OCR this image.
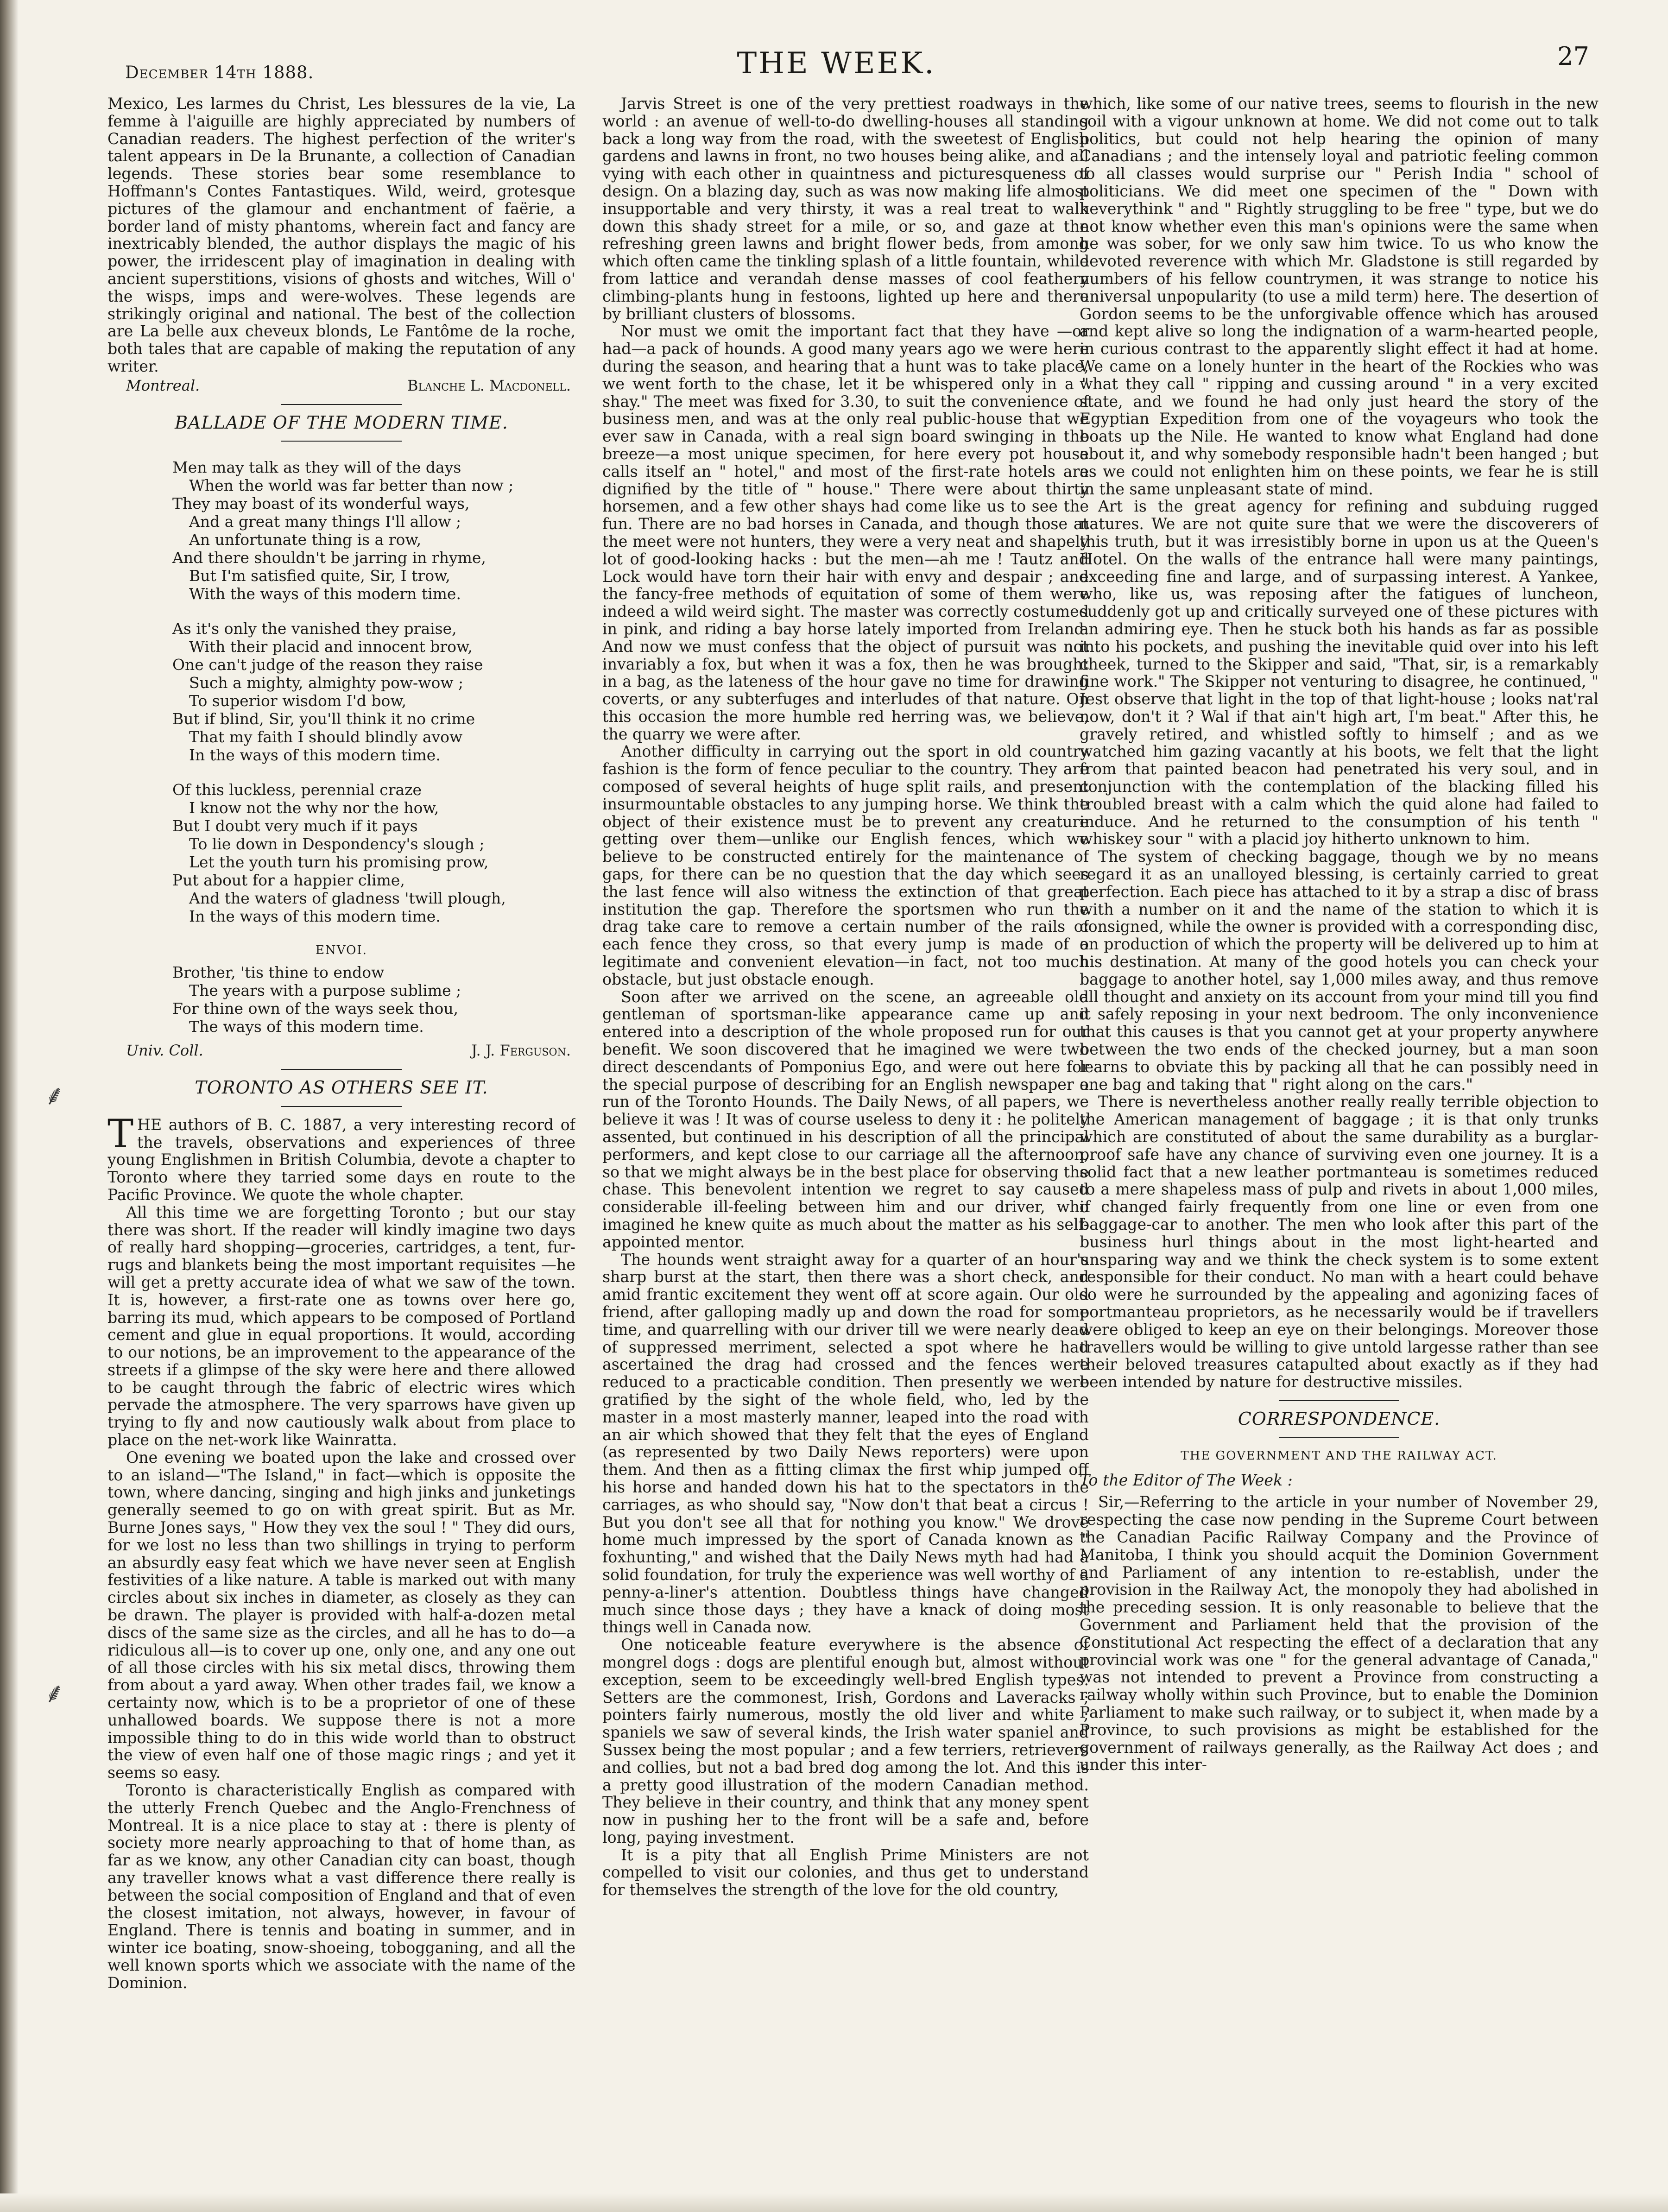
December 14th 1888.	THE WEEK.	27

Mexico, Les larmes du Christ, Les blessures de la vie, La femme à l'aiguille are highly appreciated by numbers of Canadian readers. The highest perfection of the writer's talent appears in De la Brunante, a collection of Canadian legends. These stories bear some resemblance to Hoffmann's Contes Fantastiques. Wild, weird, grotesque pictures of the glamour and enchantment of faërie, a border land of misty phantoms, wherein fact and fancy are inextricably blended, the author displays the magic of his power, the irridescent play of imagination in dealing with ancient superstitions, visions of ghosts and witches, Will o' the wisps, imps and were-wolves. These legends are strikingly original and national. The best of the collection are La belle aux cheveux blonds, Le Fantôme de la roche, both tales that are capable of making the reputation of any writer.

Montreal.	Blanche L. Macdonell.
BALLADE OF THE MODERN TIME.
Men may talk as they will of the days
When the world was far better than now ;
They may boast of its wonderful ways,
And a great many things I'll allow ;
An unfortunate thing is a row,
And there shouldn't be jarring in rhyme,
But I'm satisfied quite, Sir, I trow,
With the ways of this modern time.
As it's only the vanished they praise,
With their placid and innocent brow,
One can't judge of the reason they raise
Such a mighty, almighty pow-wow ;
To superior wisdom I'd bow,
But if blind, Sir, you'll think it no crime
That my faith I should blindly avow
In the ways of this modern time.
Of this luckless, perennial craze
I know not the why nor the how,
But I doubt very much if it pays
To lie down in Despondency's slough ;
Let the youth turn his promising prow,
Put about for a happier clime,
And the waters of gladness 'twill plough,
In the ways of this modern time.
ENVOI.
Brother, 'tis thine to endow
The years with a purpose sublime ;
For thine own of the ways seek thou,
The ways of this modern time.
Univ. Coll.	J. J. Ferguson.
TORONTO AS OTHERS SEE IT.

THE authors of B. C. 1887, a very interesting record of the travels, observations and experiences of three young Englishmen in British Columbia, devote a chapter to Toronto where they tarried some days en route to the Pacific Province. We quote the whole chapter.

All this time we are forgetting Toronto ; but our stay there was short. If the reader will kindly imagine two days of really hard shopping—groceries, cartridges, a tent, fur-rugs and blankets being the most important requisites —he will get a pretty accurate idea of what we saw of the town. It is, however, a first-rate one as towns over here go, barring its mud, which appears to be composed of Portland cement and glue in equal proportions. It would, according to our notions, be an improvement to the appearance of the streets if a glimpse of the sky were here and there allowed to be caught through the fabric of electric wires which pervade the atmosphere. The very sparrows have given up trying to fly and now cautiously walk about from place to place on the net-work like Wainratta.

One evening we boated upon the lake and crossed over to an island—"The Island," in fact—which is opposite the town, where dancing, singing and high jinks and junketings generally seemed to go on with great spirit. But as Mr. Burne Jones says, " How they vex the soul ! " They did ours, for we lost no less than two shillings in trying to perform an absurdly easy feat which we have never seen at English festivities of a like nature. A table is marked out with many circles about six inches in diameter, as closely as they can be drawn. The player is provided with half-a-dozen metal discs of the same size as the circles, and all he has to do—a ridiculous all—is to cover up one, only one, and any one out of all those circles with his six metal discs, throwing them from about a yard away. When other trades fail, we know a certainty now, which is to be a proprietor of one of these unhallowed boards. We suppose there is not a more impossible thing to do in this wide world than to obstruct the view of even half one of those magic rings ; and yet it seems so easy.

Toronto is characteristically English as compared with the utterly French Quebec and the Anglo-Frenchness of Montreal. It is a nice place to stay at : there is plenty of society more nearly approaching to that of home than, as far as we know, any other Canadian city can boast, though any traveller knows what a vast difference there really is between the social composition of England and that of even the closest imitation, not always, however, in favour of England. There is tennis and boating in summer, and in winter ice boating, snow-shoeing, tobogganing, and all the well known sports which we associate with the name of the Dominion.

Jarvis Street is one of the very prettiest roadways in the world : an avenue of well-to-do dwelling-houses all standing back a long way from the road, with the sweetest of English gardens and lawns in front, no two houses being alike, and all vying with each other in quaintness and picturesqueness of design. On a blazing day, such as was now making life almost insupportable and very thirsty, it was a real treat to walk down this shady street for a mile, or so, and gaze at the refreshing green lawns and bright flower beds, from among which often came the tinkling splash of a little fountain, while from lattice and verandah dense masses of cool feathery climbing-plants hung in festoons, lighted up here and there by brilliant clusters of blossoms.

Nor must we omit the important fact that they have —or had—a pack of hounds. A good many years ago we were here during the season, and hearing that a hunt was to take place, we went forth to the chase, let it be whispered only in a " shay." The meet was fixed for 3.30, to suit the convenience of business men, and was at the only real public-house that we ever saw in Canada, with a real sign board swinging in the breeze—a most unique specimen, for here every pot house calls itself an " hotel," and most of the first-rate hotels are dignified by the title of " house." There were about thirty horsemen, and a few other shays had come like us to see the fun. There are no bad horses in Canada, and though those at the meet were not hunters, they were a very neat and shapely lot of good-looking hacks : but the men—ah me ! Tautz and Lock would have torn their hair with envy and despair ; and the fancy-free methods of equitation of some of them were indeed a wild weird sight. The master was correctly costumed in pink, and riding a bay horse lately imported from Ireland. And now we must confess that the object of pursuit was not invariably a fox, but when it was a fox, then he was brought in a bag, as the lateness of the hour gave no time for drawing coverts, or any subterfuges and interludes of that nature. On this occasion the more humble red herring was, we believe, the quarry we were after.

Another difficulty in carrying out the sport in old country fashion is the form of fence peculiar to the country. They are composed of several heights of huge split rails, and present insurmountable obstacles to any jumping horse. We think the object of their existence must be to prevent any creature getting over them—unlike our English fences, which we believe to be constructed entirely for the maintenance of gaps, for there can be no question that the day which sees the last fence will also witness the extinction of that great institution the gap. Therefore the sportsmen who run the drag take care to remove a certain number of the rails of each fence they cross, so that every jump is made of a legitimate and convenient elevation—in fact, not too much obstacle, but just obstacle enough.

Soon after we arrived on the scene, an agreeable old gentleman of sportsman-like appearance came up and entered into a description of the whole proposed run for our benefit. We soon discovered that he imagined we were two direct descendants of Pomponius Ego, and were out here for the special purpose of describing for an English newspaper a run of the Toronto Hounds. The Daily News, of all papers, we believe it was ! It was of course useless to deny it : he politely assented, but continued in his description of all the principal performers, and kept close to our carriage all the afternoon, so that we might always be in the best place for observing the chase. This benevolent intention we regret to say caused considerable ill-feeling between him and our driver, who imagined he knew quite as much about the matter as his self-appointed mentor.

The hounds went straight away for a quarter of an hour's sharp burst at the start, then there was a short check, and amid frantic excitement they went off at score again. Our old friend, after galloping madly up and down the road for some time, and quarrelling with our driver till we were nearly dead of suppressed merriment, selected a spot where he had ascertained the drag had crossed and the fences were reduced to a practicable condition. Then presently we were gratified by the sight of the whole field, who, led by the master in a most masterly manner, leaped into the road with an air which showed that they felt that the eyes of England (as represented by two Daily News reporters) were upon them. And then as a fitting climax the first whip jumped off his horse and handed down his hat to the spectators in the carriages, as who should say, "Now don't that beat a circus ! But you don't see all that for nothing you know." We drove home much impressed by the sport of Canada known as " foxhunting," and wished that the Daily News myth had had a solid foundation, for truly the experience was well worthy of a penny-a-liner's attention. Doubtless things have changed much since those days ; they have a knack of doing most things well in Canada now.

One noticeable feature everywhere is the absence of mongrel dogs : dogs are plentiful enough but, almost without exception, seem to be exceedingly well-bred English types. Setters are the commonest, Irish, Gordons and Laveracks ; pointers fairly numerous, mostly the old liver and white ; spaniels we saw of several kinds, the Irish water spaniel and Sussex being the most popular ; and a few terriers, retrievers and collies, but not a bad bred dog among the lot. And this is a pretty good illustration of the modern Canadian method. They believe in their country, and think that any money spent now in pushing her to the front will be a safe and, before long, paying investment.

It is a pity that all English Prime Ministers are not compelled to visit our colonies, and thus get to understand for themselves the strength of the love for the old country,

which, like some of our native trees, seems to flourish in the new soil with a vigour unknown at home. We did not come out to talk politics, but could not help hearing the opinion of many Canadians ; and the intensely loyal and patriotic feeling common to all classes would surprise our " Perish India " school of politicians. We did meet one specimen of the " Down with heverythink " and " Rightly struggling to be free " type, but we do not know whether even this man's opinions were the same when he was sober, for we only saw him twice. To us who know the devoted reverence with which Mr. Gladstone is still regarded by numbers of his fellow countrymen, it was strange to notice his universal unpopularity (to use a mild term) here. The desertion of Gordon seems to be the unforgivable offence which has aroused and kept alive so long the indignation of a warm-hearted people, in curious contrast to the apparently slight effect it had at home. We came on a lonely hunter in the heart of the Rockies who was what they call " ripping and cussing around " in a very excited state, and we found he had only just heard the story of the Egyptian Expedition from one of the voyageurs who took the boats up the Nile. He wanted to know what England had done about it, and why somebody responsible hadn't been hanged ; but as we could not enlighten him on these points, we fear he is still in the same unpleasant state of mind.

Art is the great agency for refining and subduing rugged natures. We are not quite sure that we were the discoverers of this truth, but it was irresistibly borne in upon us at the Queen's Hotel. On the walls of the entrance hall were many paintings, exceeding fine and large, and of surpassing interest. A Yankee, who, like us, was reposing after the fatigues of luncheon, suddenly got up and critically surveyed one of these pictures with an admiring eye. Then he stuck both his hands as far as possible into his pockets, and pushing the inevitable quid over into his left cheek, turned to the Skipper and said, "That, sir, is a remarkably fine work." The Skipper not venturing to disagree, he continued, " Jest observe that light in the top of that light-house ; looks nat'ral now, don't it ? Wal if that ain't high art, I'm beat." After this, he gravely retired, and whistled softly to himself ; and as we watched him gazing vacantly at his boots, we felt that the light from that painted beacon had penetrated his very soul, and in conjunction with the contemplation of the blacking filled his troubled breast with a calm which the quid alone had failed to induce. And he returned to the consumption of his tenth " whiskey sour " with a placid joy hitherto unknown to him.

The system of checking baggage, though we by no means regard it as an unalloyed blessing, is certainly carried to great perfection. Each piece has attached to it by a strap a disc of brass with a number on it and the name of the station to which it is consigned, while the owner is provided with a corresponding disc, on production of which the property will be delivered up to him at his destination. At many of the good hotels you can check your baggage to another hotel, say 1,000 miles away, and thus remove all thought and anxiety on its account from your mind till you find it safely reposing in your next bedroom. The only inconvenience that this causes is that you cannot get at your property anywhere between the two ends of the checked journey, but a man soon learns to obviate this by packing all that he can possibly need in one bag and taking that " right along on the cars."

There is nevertheless another really really terrible objection to the American management of baggage ; it is that only trunks which are constituted of about the same durability as a burglar-proof safe have any chance of surviving even one journey. It is a solid fact that a new leather portmanteau is sometimes reduced to a mere shapeless mass of pulp and rivets in about 1,000 miles, if changed fairly frequently from one line or even from one baggage-car to another. The men who look after this part of the business hurl things about in the most light-hearted and unsparing way and we think the check system is to some extent responsible for their conduct. No man with a heart could behave so were he surrounded by the appealing and agonizing faces of portmanteau proprietors, as he necessarily would be if travellers were obliged to keep an eye on their belongings. Moreover those travellers would be willing to give untold largesse rather than see their beloved treasures catapulted about exactly as if they had been intended by nature for destructive missiles.

CORRESPONDENCE.
THE GOVERNMENT AND THE RAILWAY ACT.
To the Editor of The Week :

Sir,—Referring to the article in your number of November 29, respecting the case now pending in the Supreme Court between the Canadian Pacific Railway Company and the Province of Manitoba, I think you should acquit the Dominion Government and Parliament of any intention to re-establish, under the provision in the Railway Act, the monopoly they had abolished in the preceding session. It is only reasonable to believe that the Government and Parliament held that the provision of the Constitutional Act respecting the effect of a declaration that any provincial work was one " for the general advantage of Canada," was not intended to prevent a Province from constructing a railway wholly within such Province, but to enable the Dominion Parliament to make such railway, or to subject it, when made by a Province, to such provisions as might be established for the government of railways generally, as the Railway Act does ; and under this inter-

⸙
⸙
